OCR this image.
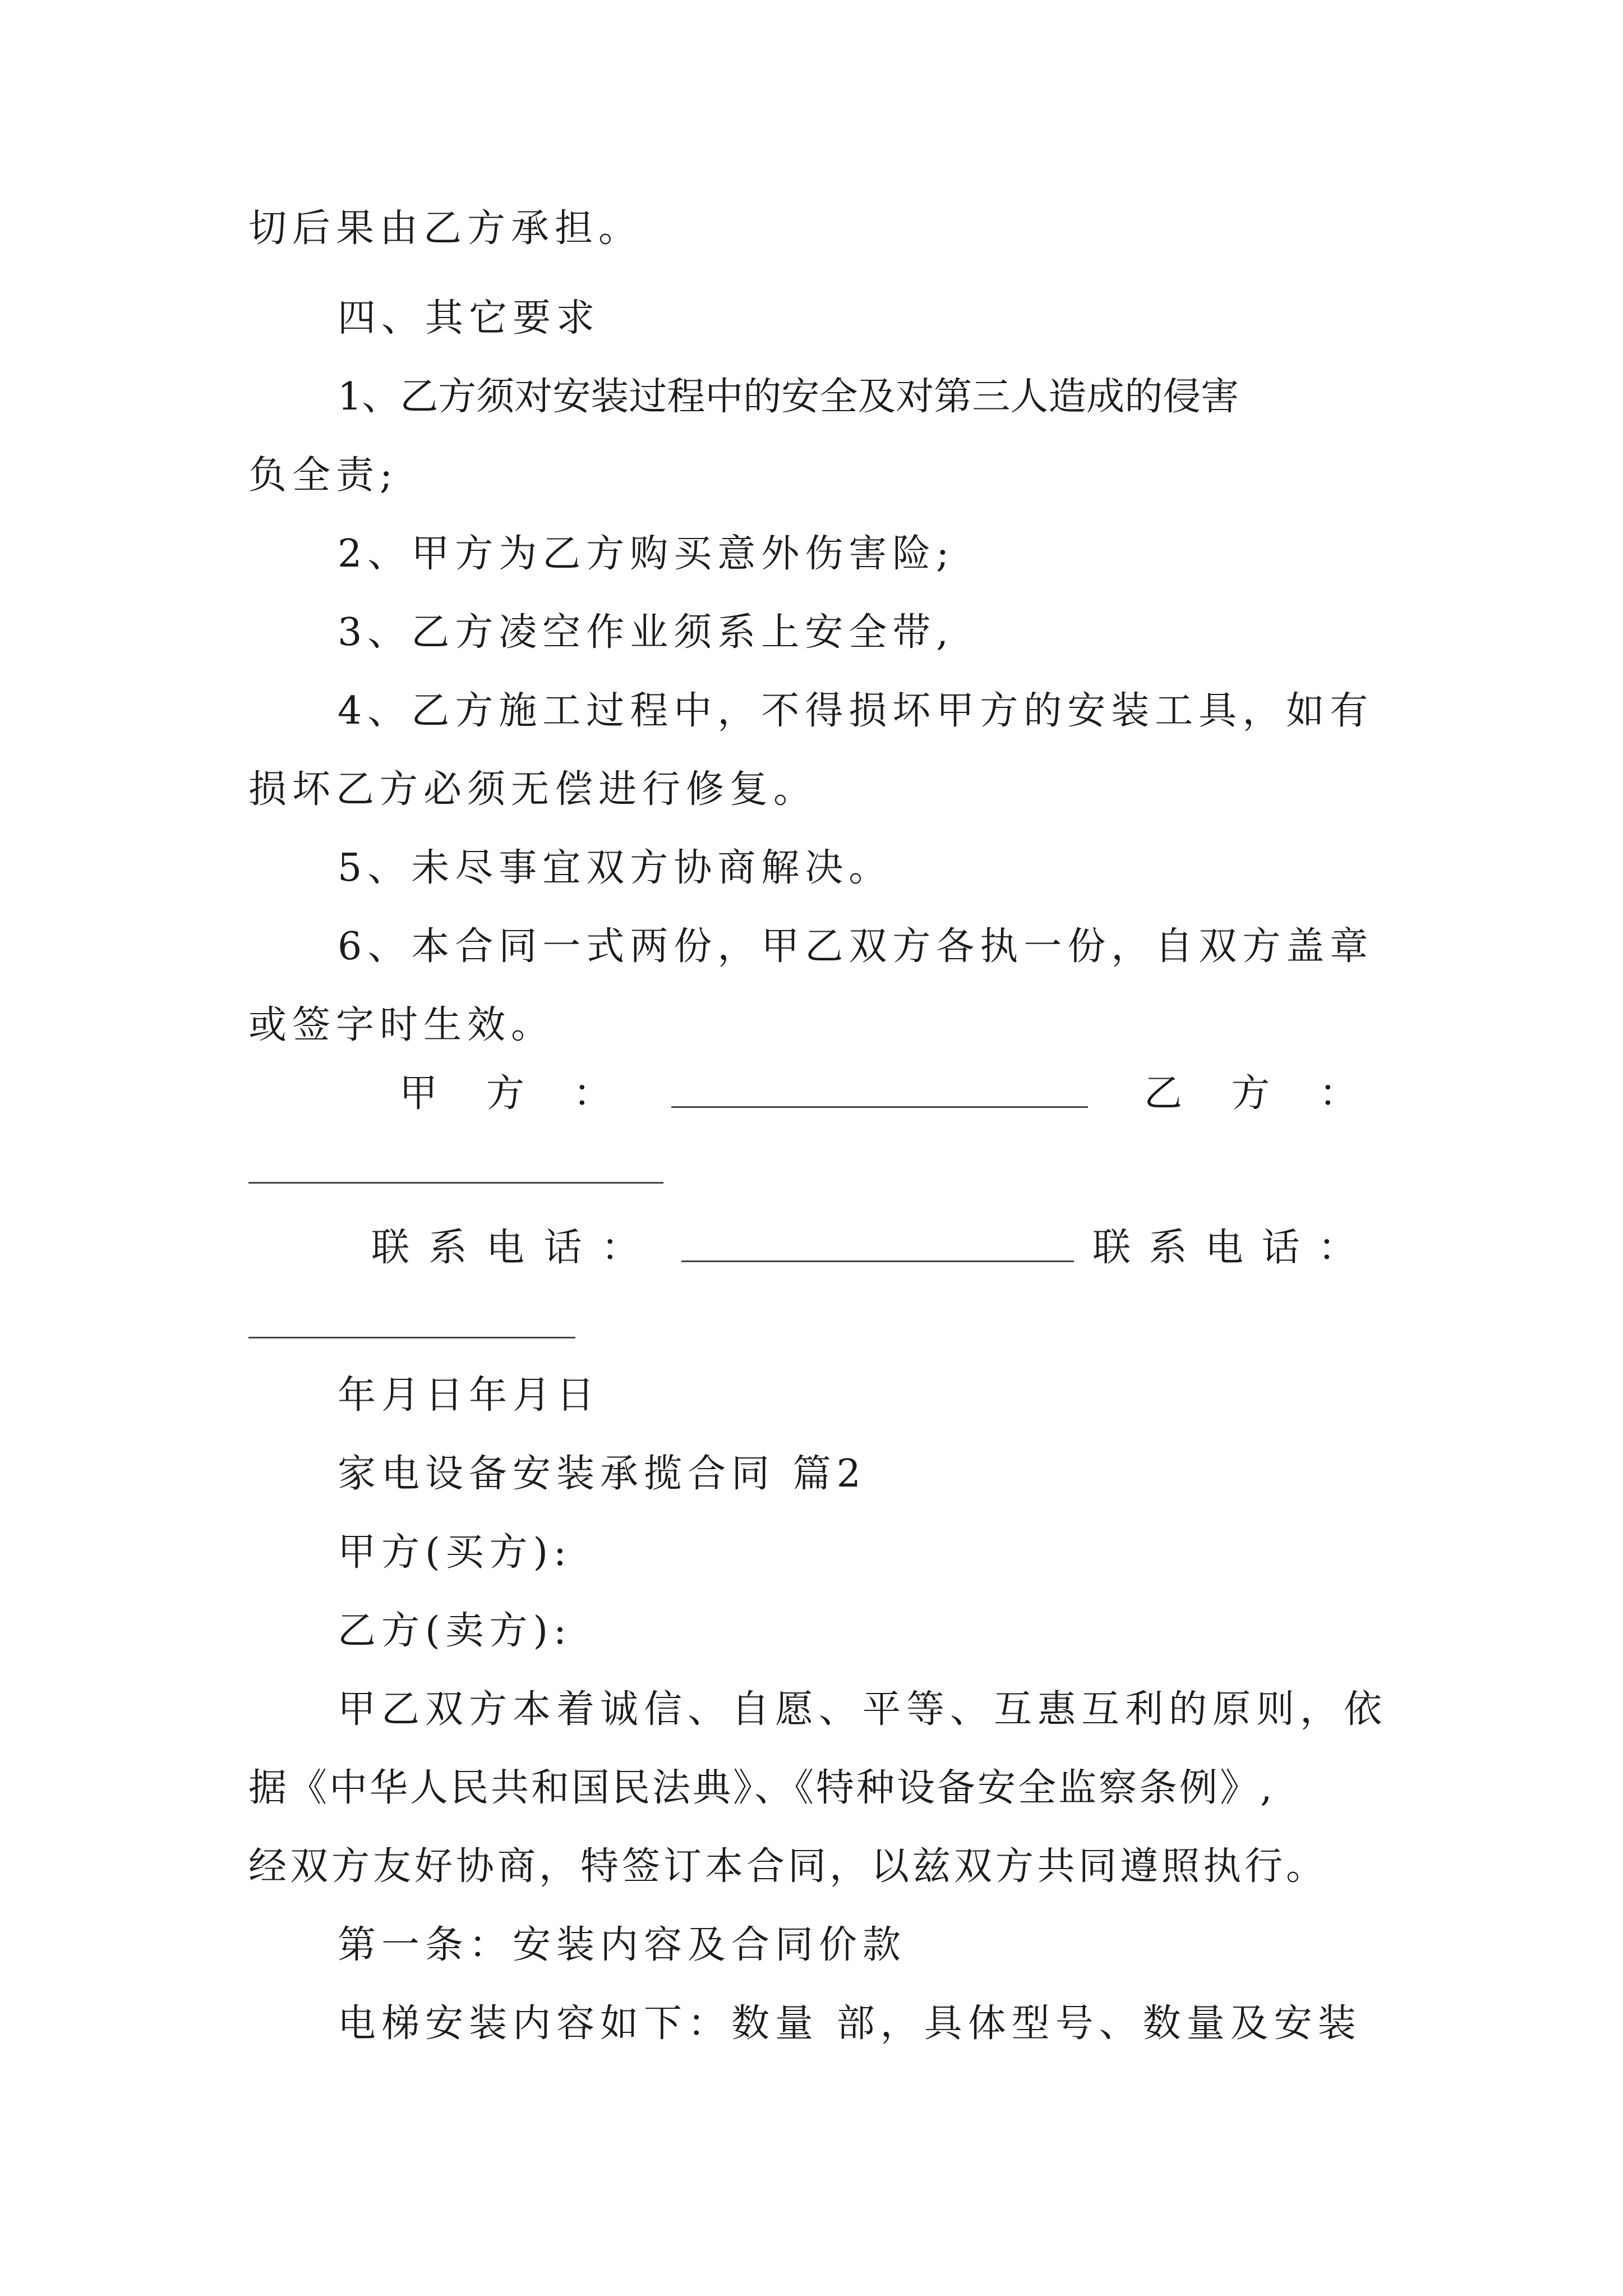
切后果由乙方承担。
四、其它要求
1、乙方须对安装过程中的安全及对第三人造成的侵害
负全责;
2、甲方为乙方购买意外伤害险;
3、乙方凌空作业须系上安全带,
4、乙方施工过程中，不得损坏甲方的安装工具，如有
损坏乙方必须无偿进行修复。
5、未尽事宜双方协商解决。
6、本合同一式两份，甲乙双方各执一份，自双方盖章
或签字时生效。
甲 方 ：	乙 方 ：
联 系 电 话 ：	联 系 电 话 ：
年月日年月日
家电设备安装承揽合同 篇2
甲方(买方):
乙方(卖方):
甲乙双方本着诚信、自愿、平等、互惠互利的原则，依
据《中华人民共和国民法典》、《特种设备安全监察条例》,
经双方友好协商，特签订本合同，以兹双方共同遵照执行。
第一条：安装内容及合同价款
电梯安装内容如下：数量 部，具体型号、数量及安装
